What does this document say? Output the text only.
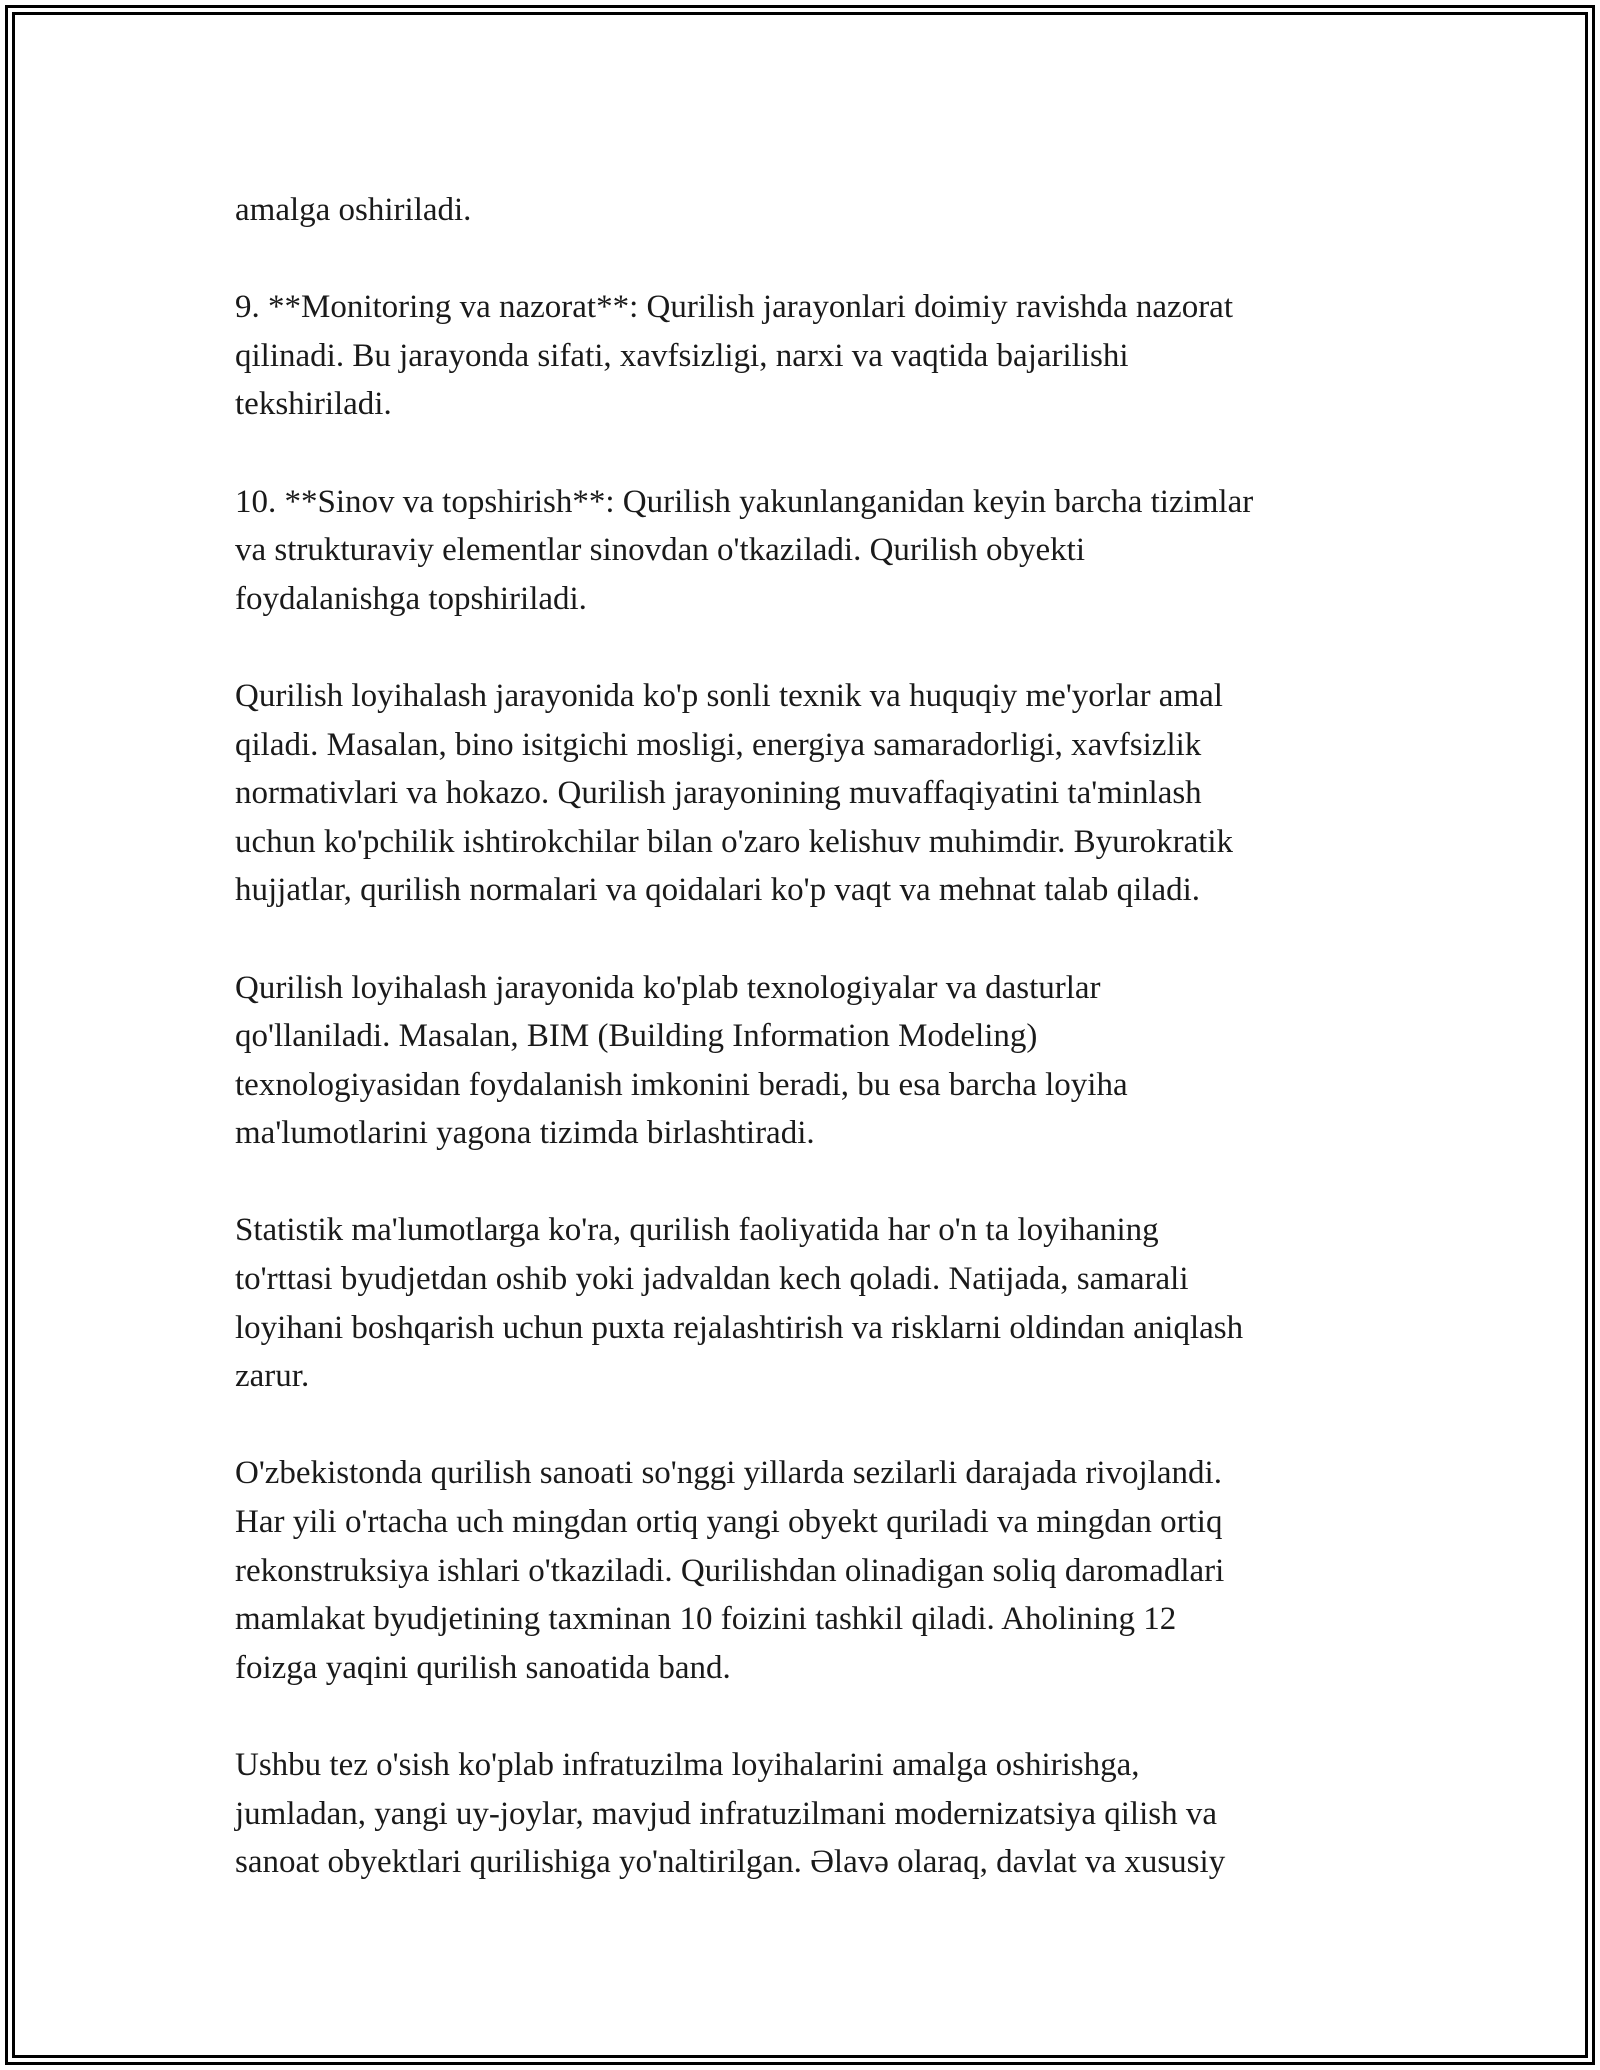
amalga oshiriladi.

9. **Monitoring va nazorat**: Qurilish jarayonlari doimiy ravishda nazorat
qilinadi. Bu jarayonda sifati, xavfsizligi, narxi va vaqtida bajarilishi
tekshiriladi.

10. **Sinov va topshirish**: Qurilish yakunlanganidan keyin barcha tizimlar
va strukturaviy elementlar sinovdan o'tkaziladi. Qurilish obyekti
foydalanishga topshiriladi.

Qurilish loyihalash jarayonida ko'p sonli texnik va huquqiy me'yorlar amal
qiladi. Masalan, bino isitgichi mosligi, energiya samaradorligi, xavfsizlik
normativlari va hokazo. Qurilish jarayonining muvaffaqiyatini ta'minlash
uchun ko'pchilik ishtirokchilar bilan o'zaro kelishuv muhimdir. Byurokratik
hujjatlar, qurilish normalari va qoidalari ko'p vaqt va mehnat talab qiladi.

Qurilish loyihalash jarayonida ko'plab texnologiyalar va dasturlar
qo'llaniladi. Masalan, BIM (Building Information Modeling)
texnologiyasidan foydalanish imkonini beradi, bu esa barcha loyiha
ma'lumotlarini yagona tizimda birlashtiradi.

Statistik ma'lumotlarga ko'ra, qurilish faoliyatida har o'n ta loyihaning
to'rttasi byudjetdan oshib yoki jadvaldan kech qoladi. Natijada, samarali
loyihani boshqarish uchun puxta rejalashtirish va risklarni oldindan aniqlash
zarur.

O'zbekistonda qurilish sanoati so'nggi yillarda sezilarli darajada rivojlandi.
Har yili o'rtacha uch mingdan ortiq yangi obyekt quriladi va mingdan ortiq
rekonstruksiya ishlari o'tkaziladi. Qurilishdan olinadigan soliq daromadlari
mamlakat byudjetining taxminan 10 foizini tashkil qiladi. Aholining 12
foizga yaqini qurilish sanoatida band.

Ushbu tez o'sish ko'plab infratuzilma loyihalarini amalga oshirishga,
jumladan, yangi uy-joylar, mavjud infratuzilmani modernizatsiya qilish va
sanoat obyektlari qurilishiga yo'naltirilgan. Əlavə olaraq, davlat va xususiy
